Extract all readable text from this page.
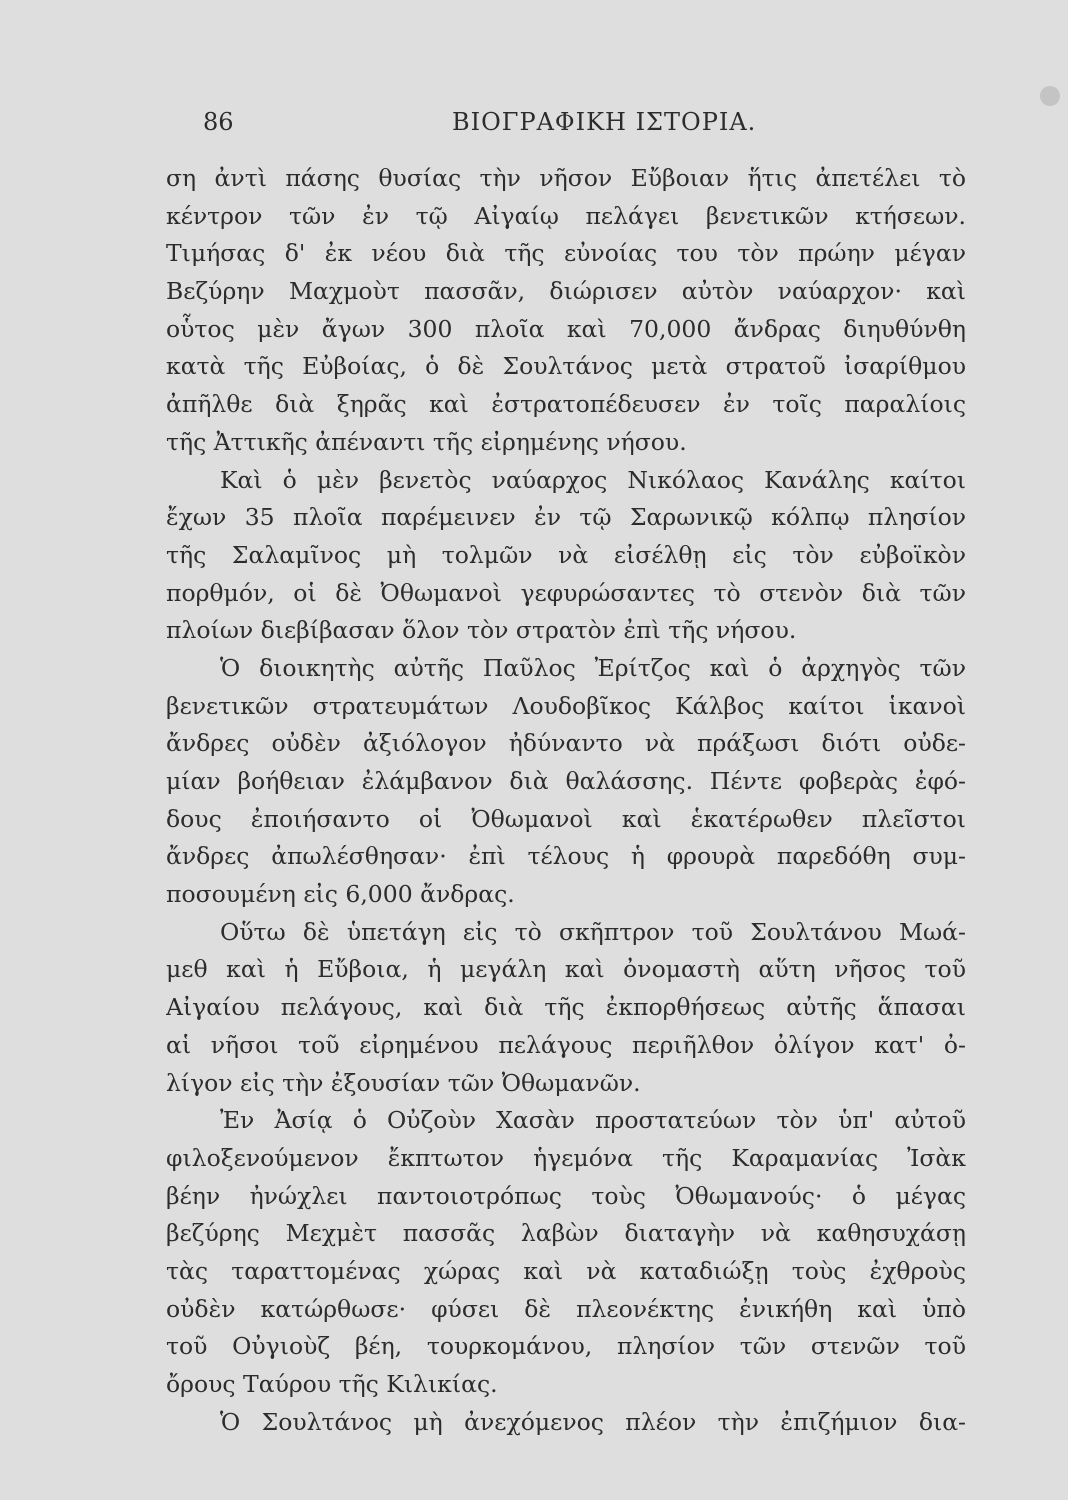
86	ΒΙΟΓΡΑΦΙΚΗ ΙΣΤΟΡΙΑ.
ση ἀντὶ πάσης θυσίας τὴν νῆσον Εὔβοιαν ἥτις ἀπετέλει τὸ
κέντρον τῶν ἐν τῷ Αἰγαίῳ πελάγει βενετικῶν κτήσεων.
Τιμήσας δ' ἐκ νέου διὰ τῆς εὐνοίας του τὸν πρώην μέγαν
Βεζύρην Μαχμοὺτ πασσᾶν, διώρισεν αὐτὸν ναύαρχον· καὶ
οὗτος μὲν ἄγων 300 πλοῖα καὶ 70,000 ἄνδρας διηυθύνθη
κατὰ τῆς Εὐβοίας, ὁ δὲ Σουλτάνος μετὰ στρατοῦ ἰσαρίθμου
ἀπῆλθε διὰ ξηρᾶς καὶ ἐστρατοπέδευσεν ἐν τοῖς παραλίοις
τῆς Ἀττικῆς ἀπέναντι τῆς εἰρημένης νήσου.
Καὶ ὁ μὲν βενετὸς ναύαρχος Νικόλαος Κανάλης καίτοι
ἔχων 35 πλοῖα παρέμεινεν ἐν τῷ Σαρωνικῷ κόλπῳ πλησίον
τῆς Σαλαμῖνος μὴ τολμῶν νὰ εἰσέλθῃ εἰς τὸν εὐβοϊκὸν
πορθμόν, οἱ δὲ Ὀθωμανοὶ γεφυρώσαντες τὸ στενὸν διὰ τῶν
πλοίων διεβίβασαν ὅλον τὸν στρατὸν ἐπὶ τῆς νήσου.
Ὁ διοικητὴς αὐτῆς Παῦλος Ἐρίτζος καὶ ὁ ἀρχηγὸς τῶν
βενετικῶν στρατευμάτων Λουδοβῖκος Κάλβος καίτοι ἱκανοὶ
ἄνδρες οὐδὲν ἀξιόλογον ἠδύναντο νὰ πράξωσι διότι οὐδε-
μίαν βοήθειαν ἐλάμβανον διὰ θαλάσσης. Πέντε φοβερὰς ἐφό-
δους ἐποιήσαντο οἱ Ὀθωμανοὶ καὶ ἑκατέρωθεν πλεῖστοι
ἄνδρες ἀπωλέσθησαν· ἐπὶ τέλους ἡ φρουρὰ παρεδόθη συμ-
ποσουμένη εἰς 6,000 ἄνδρας.
Οὕτω δὲ ὑπετάγη εἰς τὸ σκῆπτρον τοῦ Σουλτάνου Μωά-
μεθ καὶ ἡ Εὔβοια, ἡ μεγάλη καὶ ὀνομαστὴ αὕτη νῆσος τοῦ
Αἰγαίου πελάγους, καὶ διὰ τῆς ἐκπορθήσεως αὐτῆς ἅπασαι
αἱ νῆσοι τοῦ εἰρημένου πελάγους περιῆλθον ὀλίγον κατ' ὀ-
λίγον εἰς τὴν ἐξουσίαν τῶν Ὀθωμανῶν.
Ἐν Ἀσίᾳ ὁ Οὐζοὺν Χασὰν προστατεύων τὸν ὑπ' αὐτοῦ
φιλοξενούμενον ἔκπτωτον ἡγεμόνα τῆς Καραμανίας Ἰσὰκ
βέην ἠνώχλει παντοιοτρόπως τοὺς Ὀθωμανούς· ὁ μέγας
βεζύρης Μεχμὲτ πασσᾶς λαβὼν διαταγὴν νὰ καθησυχάσῃ
τὰς ταραττομένας χώρας καὶ νὰ καταδιώξῃ τοὺς ἐχθροὺς
οὐδὲν κατώρθωσε· φύσει δὲ πλεονέκτης ἐνικήθη καὶ ὑπὸ
τοῦ Οὐγιοὺζ βέη, τουρκομάνου, πλησίον τῶν στενῶν τοῦ
ὄρους Ταύρου τῆς Κιλικίας.
Ὁ Σουλτάνος μὴ ἀνεχόμενος πλέον τὴν ἐπιζήμιον δια-
